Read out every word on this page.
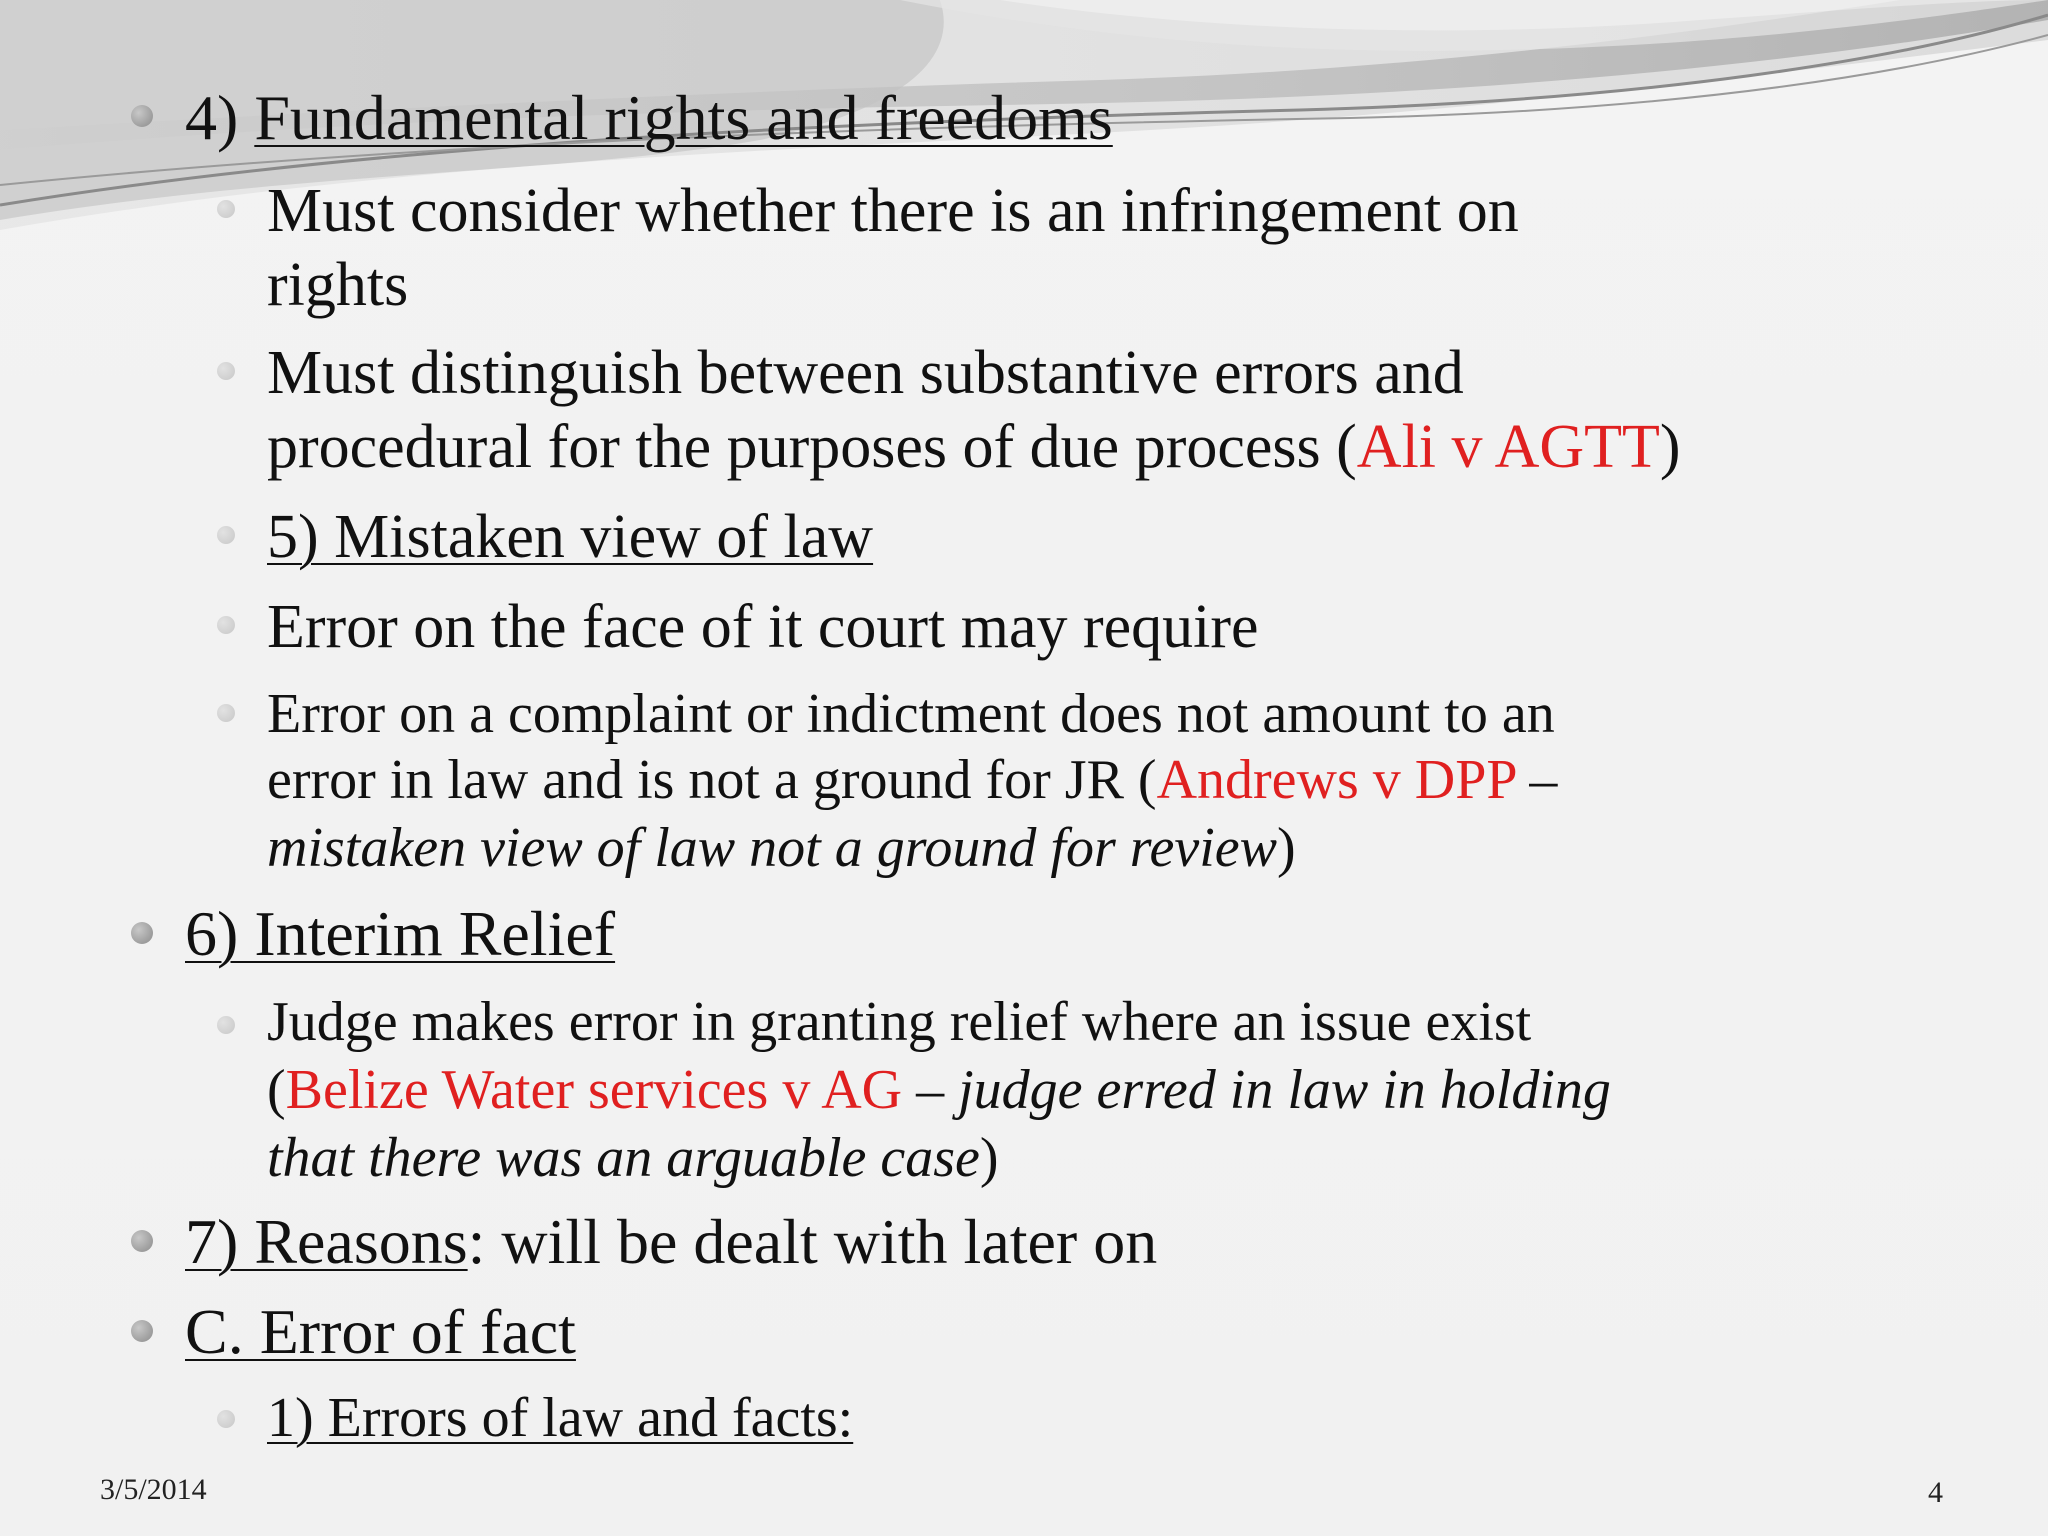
4) Fundamental rights and freedoms
Must consider whether there is an infringement on
rights
Must distinguish between substantive errors and
procedural for the purposes of due process (Ali v AGTT)
5) Mistaken view of law
Error on the face of it court may require
Error on a complaint or indictment does not amount to an
error in law and is not a ground for JR (Andrews v DPP –
mistaken view of law not a ground for review)
6) Interim Relief
Judge makes error in granting relief where an issue exist
(Belize Water services v AG – judge erred in law in holding
that there was an arguable case)
7) Reasons: will be dealt with later on
C. Error of fact
1) Errors of law and facts:
3/5/2014	4
